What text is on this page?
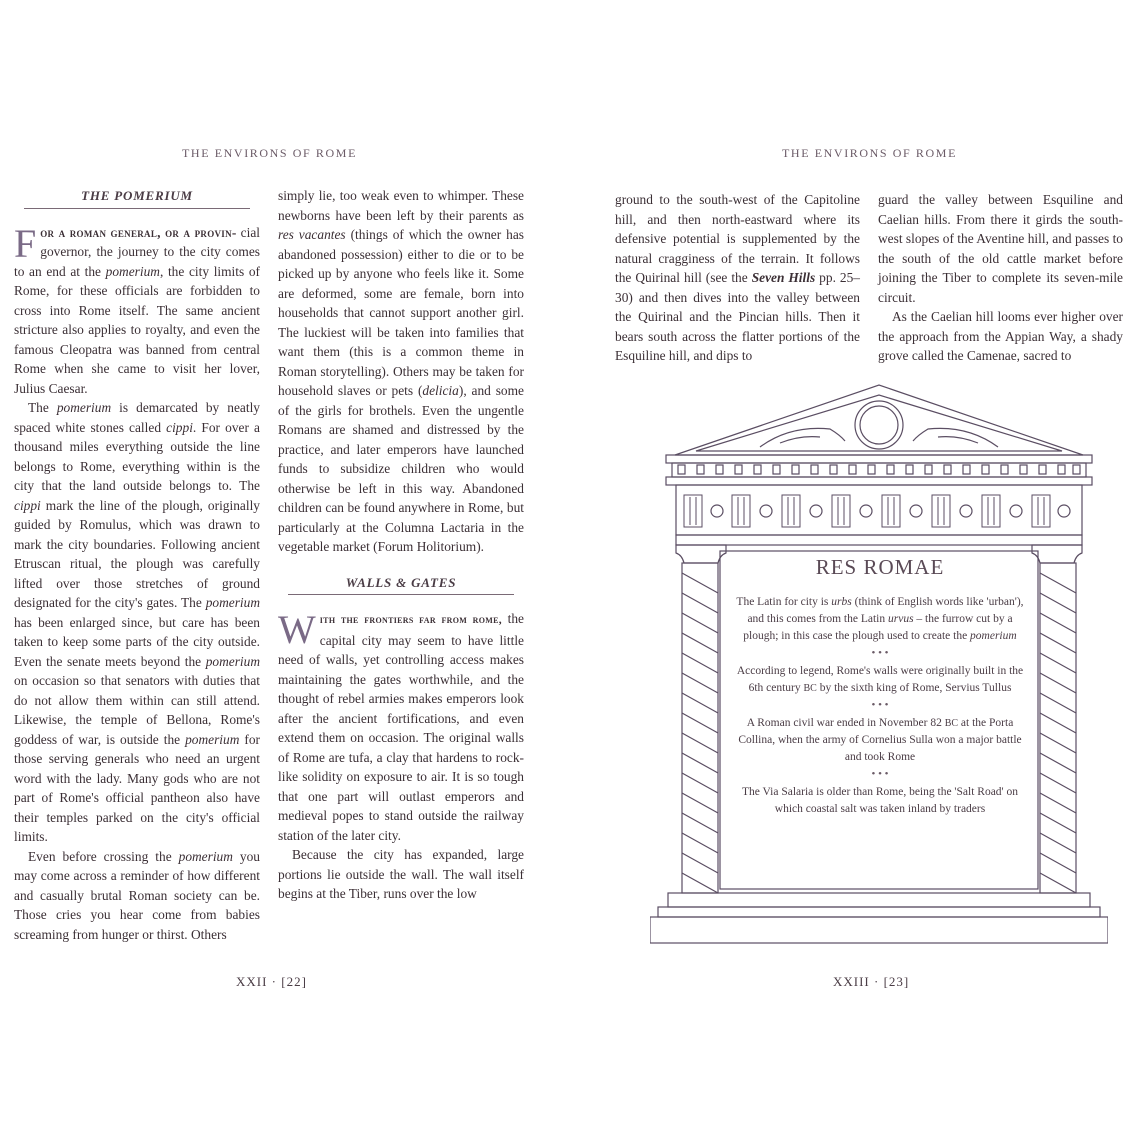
THE ENVIRONS OF ROME
THE POMERIUM

For a roman general, or a provin- cial governor, the journey to the city comes to an end at the pomerium, the city limits of Rome, for these officials are forbidden to cross into Rome itself. The same ancient stricture also applies to royalty, and even the famous Cleopatra was banned from central Rome when she came to visit her lover, Julius Caesar.

The pomerium is demarcated by neatly spaced white stones called cippi. For over a thousand miles everything outside the line belongs to Rome, everything within is the city that the land outside belongs to. The cippi mark the line of the plough, originally guided by Romulus, which was drawn to mark the city boundaries. Following ancient Etruscan ritual, the plough was carefully lifted over those stretches of ground designated for the city's gates. The pomerium has been enlarged since, but care has been taken to keep some parts of the city outside. Even the senate meets beyond the pomerium on occasion so that senators with duties that do not allow them within can still attend. Likewise, the temple of Bellona, Rome's goddess of war, is outside the pomerium for those serving generals who need an urgent word with the lady. Many gods who are not part of Rome's official pantheon also have their temples parked on the city's official limits.

Even before crossing the pomerium you may come across a reminder of how different and casually brutal Roman society can be. Those cries you hear come from babies screaming from hunger or thirst. Others

simply lie, too weak even to whimper. These newborns have been left by their parents as res vacantes (things of which the owner has abandoned possession) either to die or to be picked up by anyone who feels like it. Some are deformed, some are female, born into households that cannot support another girl. The luckiest will be taken into families that want them (this is a common theme in Roman storytelling). Others may be taken for household slaves or pets (delicia), and some of the girls for brothels. Even the ungentle Romans are shamed and distressed by the practice, and later emperors have launched funds to subsidize children who would otherwise be left in this way. Abandoned children can be found anywhere in Rome, but particularly at the Columna Lactaria in the vegetable market (Forum Holitorium).

WALLS & GATES

With the frontiers far from rome, the capital city may seem to have little need of walls, yet controlling access makes maintaining the gates worthwhile, and the thought of rebel armies makes emperors look after the ancient fortifications, and even extend them on occasion. The original walls of Rome are tufa, a clay that hardens to rock-like solidity on exposure to air. It is so tough that one part will outlast emperors and medieval popes to stand outside the railway station of the later city.

Because the city has expanded, large portions lie outside the wall. The wall itself begins at the Tiber, runs over the low

XXII · [22]
THE ENVIRONS OF ROME

ground to the south-west of the Capitoline hill, and then north-eastward where its defensive potential is supplemented by the natural cragginess of the terrain. It follows the Quirinal hill (see the Seven Hills pp. 25–30) and then dives into the valley between the Quirinal and the Pincian hills. Then it bears south across the flatter portions of the Esquiline hill, and dips to

guard the valley between Esquiline and Caelian hills. From there it girds the south-west slopes of the Aventine hill, and passes to the south of the old cattle market before joining the Tiber to complete its seven-mile circuit.

As the Caelian hill looms ever higher over the approach from the Appian Way, a shady grove called the Camenae, sacred to

XXIII · [23]
RES ROMAE

The Latin for city is urbs (think of English words like 'urban'), and this comes from the Latin urvus – the furrow cut by a plough; in this case the plough used to create the pomerium

• • •

According to legend, Rome's walls were originally built in the 6th century BC by the sixth king of Rome, Servius Tullus

• • •

A Roman civil war ended in November 82 BC at the Porta Collina, when the army of Cornelius Sulla won a major battle and took Rome

• • •

The Via Salaria is older than Rome, being the 'Salt Road' on which coastal salt was taken inland by traders
